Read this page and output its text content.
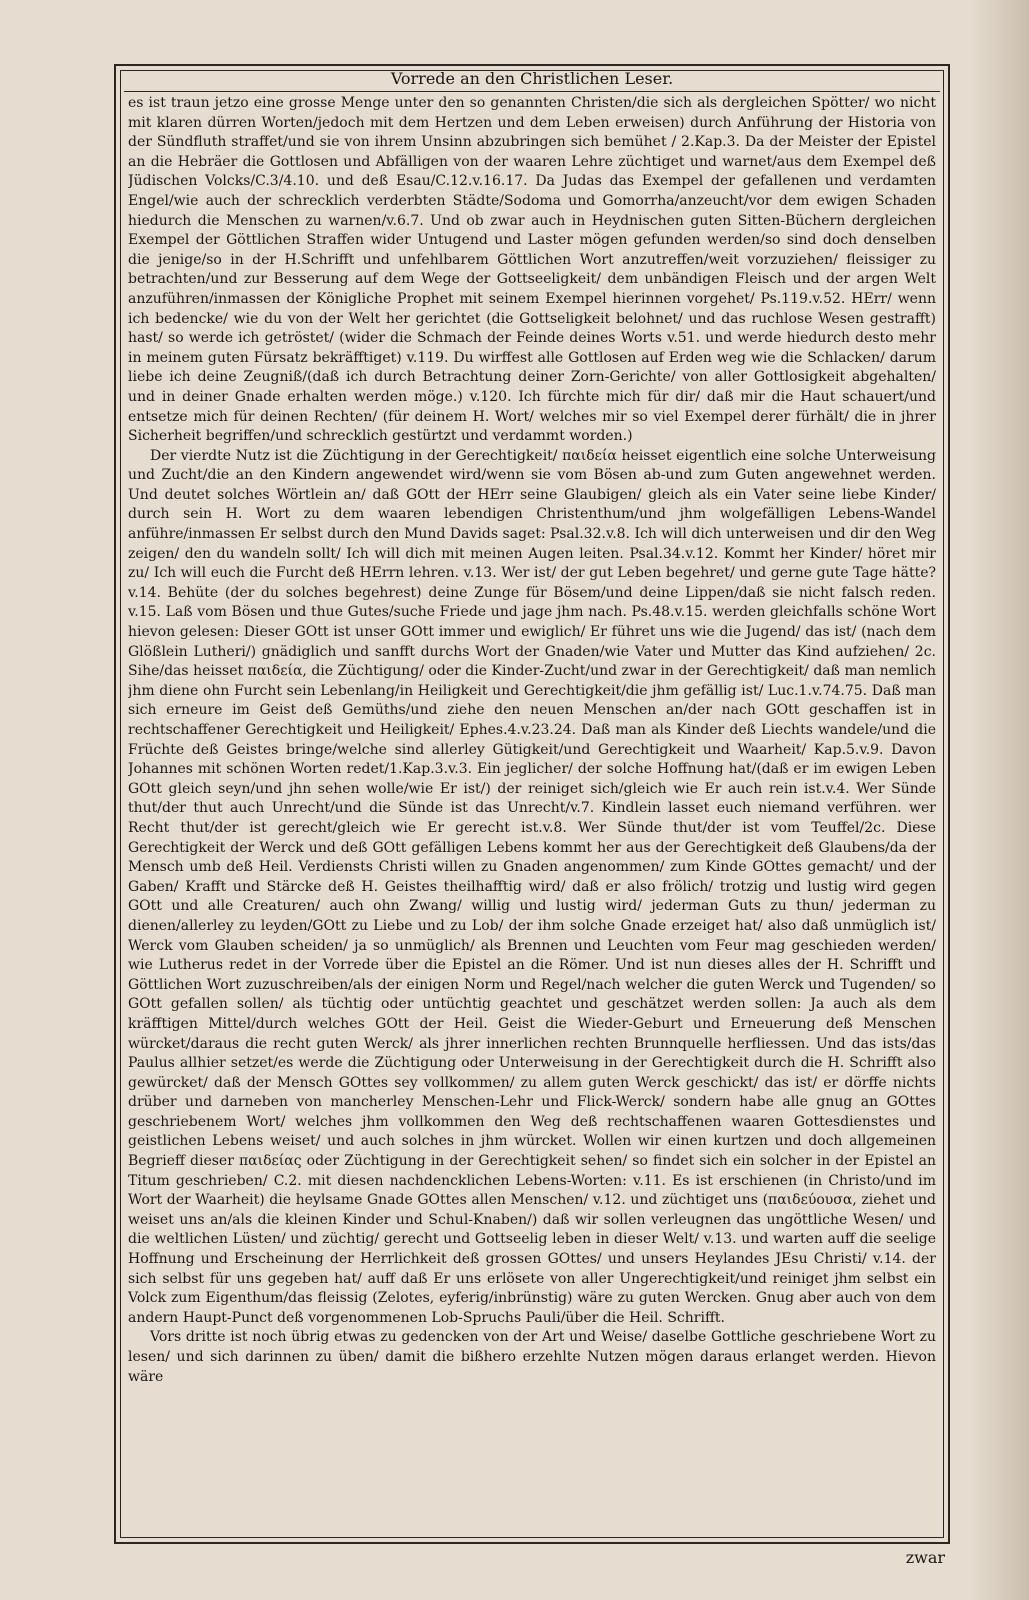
Vorrede an den Christlichen Leser.

es ist traun jetzo eine grosse Menge unter den so genannten Christen/die sich als dergleichen Spötter/ wo nicht mit klaren dürren Worten/jedoch mit dem Hertzen und dem Leben erweisen) durch Anführung der Historia von der Sündfluth straffet/und sie von ihrem Unsinn abzubringen sich bemühet / 2.Kap.3. Da der Meister der Epistel an die Hebräer die Gottlosen und Abfälligen von der waaren Lehre züchtiget und warnet/aus dem Exempel deß Jüdischen Volcks/C.3/4.10. und deß Esau/C.12.v.16.17. Da Judas das Exempel der gefallenen und verdamten Engel/wie auch der schrecklich verderbten Städte/Sodoma und Gomorrha/anzeucht/vor dem ewigen Schaden hiedurch die Menschen zu warnen/v.6.7. Und ob zwar auch in Heydnischen guten Sitten-Büchern dergleichen Exempel der Göttlichen Straffen wider Untugend und Laster mögen gefunden werden/so sind doch denselben die jenige/so in der H.Schrifft und unfehlbarem Göttlichen Wort anzutreffen/weit vorzuziehen/ fleissiger zu betrachten/und zur Besserung auf dem Wege der Gottseeligkeit/ dem unbändigen Fleisch und der argen Welt anzuführen/inmassen der Königliche Prophet mit seinem Exempel hierinnen vorgehet/ Ps.119.v.52. HErr/ wenn ich bedencke/ wie du von der Welt her gerichtet (die Gottseligkeit belohnet/ und das ruchlose Wesen gestrafft) hast/ so werde ich getröstet/ (wider die Schmach der Feinde deines Worts v.51. und werde hiedurch desto mehr in meinem guten Fürsatz bekräfftiget) v.119. Du wirffest alle Gottlosen auf Erden weg wie die Schlacken/ darum liebe ich deine Zeugniß/(daß ich durch Betrachtung deiner Zorn-Gerichte/ von aller Gottlosigkeit abgehalten/ und in deiner Gnade erhalten werden möge.) v.120. Ich fürchte mich für dir/ daß mir die Haut schauert/und entsetze mich für deinen Rechten/ (für deinem H. Wort/ welches mir so viel Exempel derer fürhält/ die in jhrer Sicherheit begriffen/und schrecklich gestürtzt und verdammt worden.)

Der vierdte Nutz ist die Züchtigung in der Gerechtigkeit/ παιδεία heisset eigentlich eine solche Unterweisung und Zucht/die an den Kindern angewendet wird/wenn sie vom Bösen ab-und zum Guten angewehnet werden. Und deutet solches Wörtlein an/ daß GOtt der HErr seine Glaubigen/ gleich als ein Vater seine liebe Kinder/ durch sein H. Wort zu dem waaren lebendigen Christenthum/und jhm wolgefälligen Lebens-Wandel anführe/inmassen Er selbst durch den Mund Davids saget: Psal.32.v.8. Ich will dich unterweisen und dir den Weg zeigen/ den du wandeln sollt/ Ich will dich mit meinen Augen leiten. Psal.34.v.12. Kommt her Kinder/ höret mir zu/ Ich will euch die Furcht deß HErrn lehren. v.13. Wer ist/ der gut Leben begehret/ und gerne gute Tage hätte? v.14. Behüte (der du solches begehrest) deine Zunge für Bösem/und deine Lippen/daß sie nicht falsch reden. v.15. Laß vom Bösen und thue Gutes/suche Friede und jage jhm nach. Ps.48.v.15. werden gleichfalls schöne Wort hievon gelesen: Dieser GOtt ist unser GOtt immer und ewiglich/ Er führet uns wie die Jugend/ das ist/ (nach dem Glößlein Lutheri/) gnädiglich und sanfft durchs Wort der Gnaden/wie Vater und Mutter das Kind aufziehen/ 2c. Sihe/das heisset παιδεία, die Züchtigung/ oder die Kinder-Zucht/und zwar in der Gerechtigkeit/ daß man nemlich jhm diene ohn Furcht sein Lebenlang/in Heiligkeit und Gerechtigkeit/die jhm gefällig ist/ Luc.1.v.74.75. Daß man sich erneure im Geist deß Gemüths/und ziehe den neuen Menschen an/der nach GOtt geschaffen ist in rechtschaffener Gerechtigkeit und Heiligkeit/ Ephes.4.v.23.24. Daß man als Kinder deß Liechts wandele/und die Früchte deß Geistes bringe/welche sind allerley Gütigkeit/und Gerechtigkeit und Waarheit/ Kap.5.v.9. Davon Johannes mit schönen Worten redet/1.Kap.3.v.3. Ein jeglicher/ der solche Hoffnung hat/(daß er im ewigen Leben GOtt gleich seyn/und jhn sehen wolle/wie Er ist/) der reiniget sich/gleich wie Er auch rein ist.v.4. Wer Sünde thut/der thut auch Unrecht/und die Sünde ist das Unrecht/v.7. Kindlein lasset euch niemand verführen. wer Recht thut/der ist gerecht/gleich wie Er gerecht ist.v.8. Wer Sünde thut/der ist vom Teuffel/2c. Diese Gerechtigkeit der Werck und deß GOtt gefälligen Lebens kommt her aus der Gerechtigkeit deß Glaubens/da der Mensch umb deß Heil. Verdiensts Christi willen zu Gnaden angenommen/ zum Kinde GOttes gemacht/ und der Gaben/ Krafft und Stärcke deß H. Geistes theilhafftig wird/ daß er also frölich/ trotzig und lustig wird gegen GOtt und alle Creaturen/ auch ohn Zwang/ willig und lustig wird/ jederman Guts zu thun/ jederman zu dienen/allerley zu leyden/GOtt zu Liebe und zu Lob/ der ihm solche Gnade erzeiget hat/ also daß unmüglich ist/ Werck vom Glauben scheiden/ ja so unmüglich/ als Brennen und Leuchten vom Feur mag geschieden werden/ wie Lutherus redet in der Vorrede über die Epistel an die Römer. Und ist nun dieses alles der H. Schrifft und Göttlichen Wort zuzuschreiben/als der einigen Norm und Regel/nach welcher die guten Werck und Tugenden/ so GOtt gefallen sollen/ als tüchtig oder untüchtig geachtet und geschätzet werden sollen: Ja auch als dem kräfftigen Mittel/durch welches GOtt der Heil. Geist die Wieder-Geburt und Erneuerung deß Menschen würcket/daraus die recht guten Werck/ als jhrer innerlichen rechten Brunnquelle herfliessen. Und das ists/das Paulus allhier setzet/es werde die Züchtigung oder Unterweisung in der Gerechtigkeit durch die H. Schrifft also gewürcket/ daß der Mensch GOttes sey vollkommen/ zu allem guten Werck geschickt/ das ist/ er dörffe nichts drüber und darneben von mancherley Menschen-Lehr und Flick-Werck/ sondern habe alle gnug an GOttes geschriebenem Wort/ welches jhm vollkommen den Weg deß rechtschaffenen waaren Gottesdienstes und geistlichen Lebens weiset/ und auch solches in jhm würcket. Wollen wir einen kurtzen und doch allgemeinen Begrieff dieser παιδείας oder Züchtigung in der Gerechtigkeit sehen/ so findet sich ein solcher in der Epistel an Titum geschrieben/ C.2. mit diesen nachdencklichen Lebens-Worten: v.11. Es ist erschienen (in Christo/und im Wort der Waarheit) die heylsame Gnade GOttes allen Menschen/ v.12. und züchtiget uns (παιδεύουσα, ziehet und weiset uns an/als die kleinen Kinder und Schul-Knaben/) daß wir sollen verleugnen das ungöttliche Wesen/ und die weltlichen Lüsten/ und züchtig/ gerecht und Gottseelig leben in dieser Welt/ v.13. und warten auff die seelige Hoffnung und Erscheinung der Herrlichkeit deß grossen GOttes/ und unsers Heylandes JEsu Christi/ v.14. der sich selbst für uns gegeben hat/ auff daß Er uns erlösete von aller Ungerechtigkeit/und reiniget jhm selbst ein Volck zum Eigenthum/das fleissig (Zelotes, eyferig/inbrünstig) wäre zu guten Wercken. Gnug aber auch von dem andern Haupt-Punct deß vorgenommenen Lob-Spruchs Pauli/über die Heil. Schrifft.

Vors dritte ist noch übrig etwas zu gedencken von der Art und Weise/ daselbe Gottliche geschriebene Wort zu lesen/ und sich darinnen zu üben/ damit die bißhero erzehlte Nutzen mögen daraus erlanget werden. Hievon wäre

zwar
